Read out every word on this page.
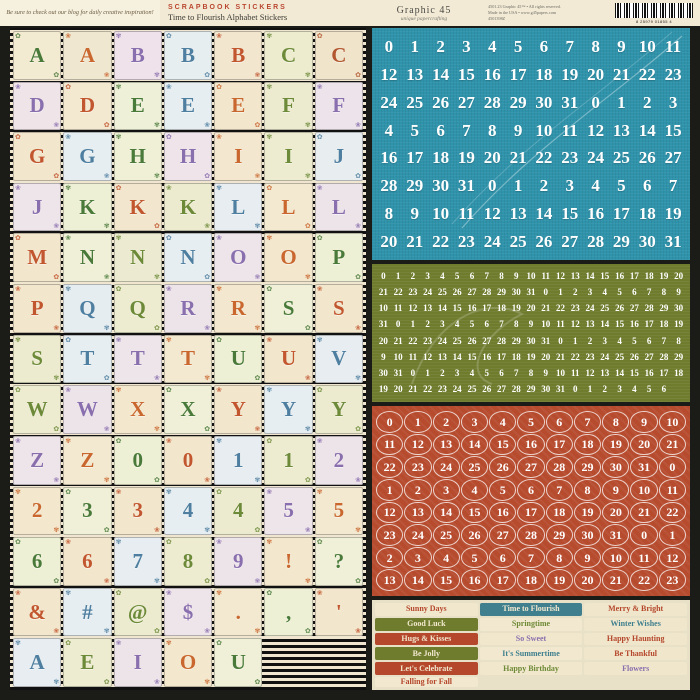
Be sure to check out our blog for daily creative inspiration!
SCRAPBOOK STICKERS
Time to Flourish Alphabet Stickers
Graphic 45
unique papercrafting
4501.23 Graphic 45™ • All rights reserved.
Made in the USA • www.g45papers.com
4501398Z	8 25979 01855 4
✿
A
✿
❀
A
❀
✾
B
✾
✿
B
✿
❀
B
❀
✾
C
✾
✿
C
✿
❀
D
❀
✿
D
✿
✾
E
✾
❀
E
❀
✿
E
✿
✾
F
✾
❀
F
❀
✿
G
✿
❀
G
❀
✾
H
✾
✿
H
✿
❀
I
❀
✾
I
✾
✿
J
✿
❀
J
❀
✾
K
✾
✿
K
✿
❀
K
❀
✾
L
✾
✿
L
✿
❀
L
❀
✿
M
✿
❀
N
❀
✾
N
✾
✿
N
✿
❀
O
❀
✾
O
✾
✿
P
✿
❀
P
❀
✾
Q
✾
✿
Q
✿
❀
R
❀
✾
R
✾
✿
S
✿
❀
S
❀
✾
S
✾
✿
T
✿
❀
T
❀
✾
T
✾
✿
U
✿
❀
U
❀
✾
V
✾
✿
W
✿
❀
W
❀
✾
X
✾
✿
X
✿
❀
Y
❀
✾
Y
✾
✿
Y
✿
❀
Z
❀
✾
Z
✾
✿
0
✿
❀
0
❀
✾
1
✾
✿
1
✿
❀
2
❀
✾
2
✾
✿
3
✿
❀
3
❀
✾
4
✾
✿
4
✿
❀
5
❀
✾
5
✾
✿
6
✿
❀
6
❀
✾
7
✾
✿
8
✿
❀
9
❀
✾
!
✾
✿
?
✿
❀
&
❀
✾
#
✾
✿
@
✿
❀
$
❀
✾
.
✾
✿
,
✿
❀
'
❀
✾
A
✾
✿
E
✿
❀
I
❀
✾
O
✾
✿
U
✿
0	1	2	3	4	5	6	7	8	9 10 11
12 13 14 15 16 17 18 19 20 21 22 23
24 25 26 27 28 29 30 31 0	1	2	3
4	5	6	7	8	9 10 11 12 13 14 15
16 17 18 19 20 21 22 23 24 25 26 27
28 29 30 31 0	1	2	3	4	5	6	7
8	9 10 11 12 13 14 15 16 17 18 19
20 21 22 23 24 25 26 27 28 29 30 31
0	1	2	3	4	5	6	7	8	9 10 11 12 13 14 15 16 17 18 19 20
21 22 23 24 25 26 27 28 29 30 31 0	1	2	3	4	5	6	7	8	9
10 11 12 13 14 15 16 17 18 19 20 21 22 23 24 25 26 27 28 29 30
31 0	1	2	3	4	5	6	7	8	9 10 11 12 13 14 15 16 17 18 19
20 21 22 23 24 25 26 27 28 29 30 31 0	1	2	3	4	5	6	7	8
9 10 11 12 13 14 15 16 17 18 19 20 21 22 23 24 25 26 27 28 29
30 31 0	1	2	3	4	5	6	7	8	9 10 11 12 13 14 15 16 17 18
19 20 21 22 23 24 25 26 27 28 29 30 31 0	1	2	3	4	5	6
0	1	2	3	4	5	6	7	8	9	10
11	12	13	14	15	16	17	18	19	20	21
22	23	24	25	26	27	28	29	30	31	0
1	2	3	4	5	6	7	8	9	10	11
12	13	14	15	16	17	18	19	20	21	22
23	24	25	26	27	28	29	30	31	0	1
2	3	4	5	6	7	8	9	10	11	12
13	14	15	16	17	18	19	20	21	22	23
Sunny Days	Time to Flourish	Merry & Bright
Good Luck	Springtime	Winter Wishes
Hugs & Kisses	So Sweet	Happy Haunting
Be Jolly	It's Summertime	Be Thankful
Let's Celebrate	Happy Birthday	Flowers
Falling for Fall
